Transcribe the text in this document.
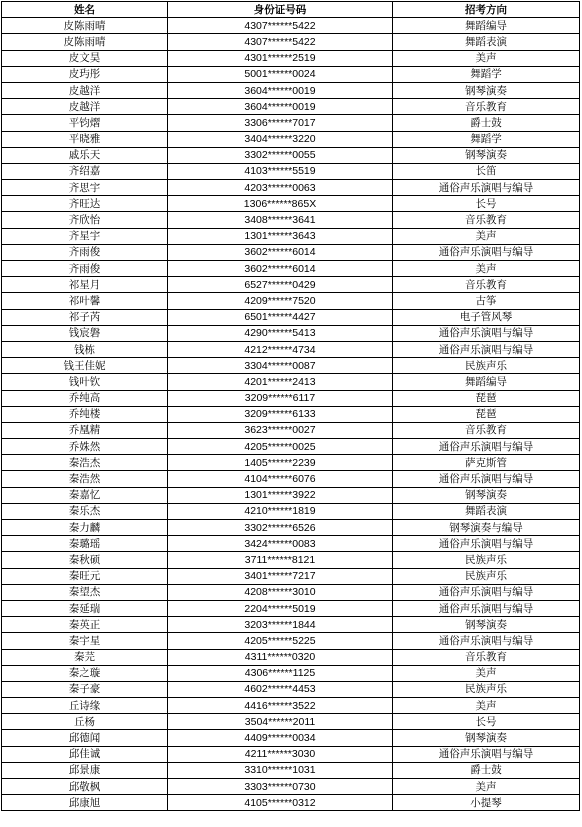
姓名	身份证号码	招考方向
皮陈雨晴	4307******5422	舞蹈编导
皮陈雨晴	4307******5422	舞蹈表演
皮文昊	4301******2519	美声
皮玙彤	5001******0024	舞蹈学
皮越洋	3604******0019	钢琴演奏
皮越洋	3604******0019	音乐教育
平钧熠	3306******7017	爵士鼓
平晓雅	3404******3220	舞蹈学
戚乐天	3302******0055	钢琴演奏
齐绍嘉	4103******5519	长笛
齐思宇	4203******0063	通俗声乐演唱与编导
齐旺达	1306******865X	长号
齐欣怡	3408******3641	音乐教育
齐星宇	1301******3643	美声
齐雨俊	3602******6014	通俗声乐演唱与编导
齐雨俊	3602******6014	美声
祁星月	6527******0429	音乐教育
祁叶馨	4209******7520	古筝
祁子芮	6501******4427	电子管风琴
钱宸磐	4290******5413	通俗声乐演唱与编导
钱栋	4212******4734	通俗声乐演唱与编导
钱王佳妮	3304******0087	民族声乐
钱叶钦	4201******2413	舞蹈编导
乔纯高	3209******6117	琵琶
乔纯楼	3209******6133	琵琶
乔凰精	3623******0027	音乐教育
乔姝然	4205******0025	通俗声乐演唱与编导
秦浩杰	1405******2239	萨克斯管
秦浩然	4104******6076	通俗声乐演唱与编导
秦嘉忆	1301******3922	钢琴演奏
秦乐杰	4210******1819	舞蹈表演
秦力麟	3302******6526	钢琴演奏与编导
秦璐瑶	3424******0083	通俗声乐演唱与编导
秦秋硕	3711******8121	民族声乐
秦旺元	3401******7217	民族声乐
秦望杰	4208******3010	通俗声乐演唱与编导
秦延瑞	2204******5019	通俗声乐演唱与编导
秦英正	3203******1844	钢琴演奏
秦宇星	4205******5225	通俗声乐演唱与编导
秦芫	4311******0320	音乐教育
秦之璇	4306******1125	美声
秦子豪	4602******4453	民族声乐
丘诗缘	4416******3522	美声
丘杨	3504******2011	长号
邱德闻	4409******0034	钢琴演奏
邱佳诚	4211******3030	通俗声乐演唱与编导
邱景康	3310******1031	爵士鼓
邱敬枫	3303******0730	美声
邱康旭	4105******0312	小提琴
